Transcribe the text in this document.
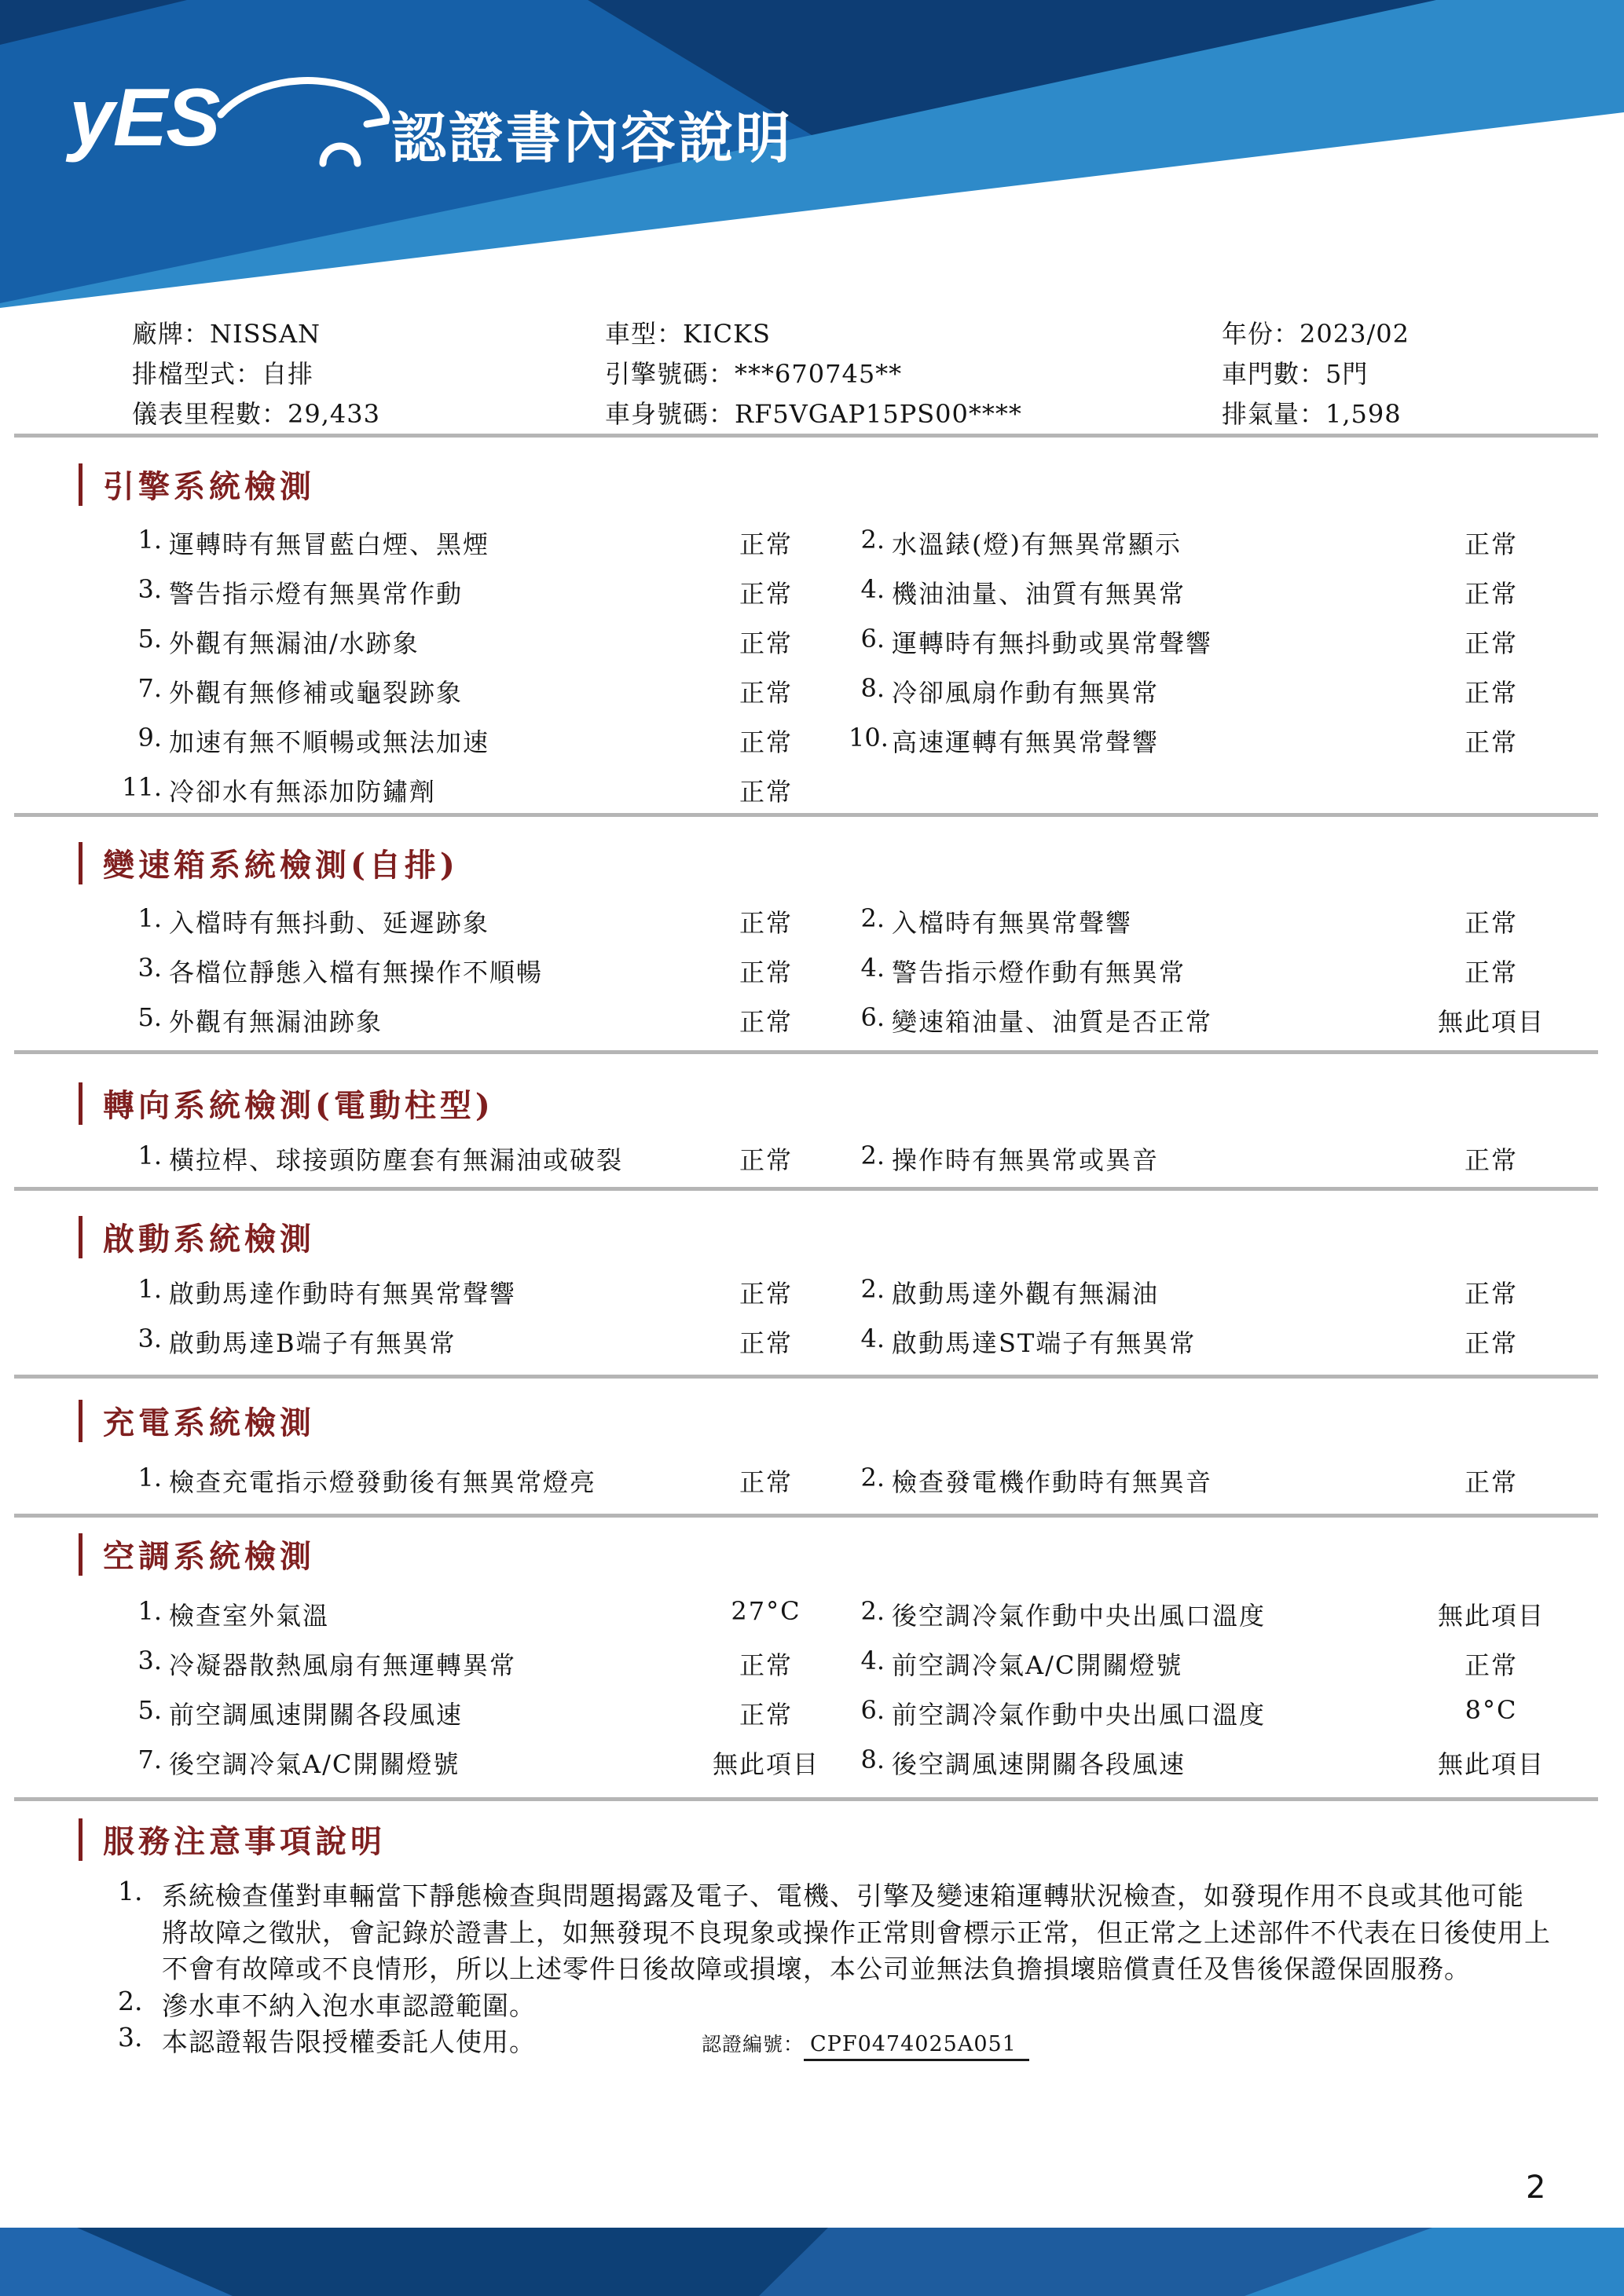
yES	認證書內容說明
廠牌：NISSAN	車型：KICKS	年份：2023/02
排檔型式：自排	引擎號碼：***670745**	車門數：5門
儀表里程數：29,433	車身號碼：RF5VGAP15PS00****	排氣量：1,598
引擎系統檢測
1. 運轉時有無冒藍白煙、黑煙	正常	2. 水溫錶(燈)有無異常顯示	正常
3. 警告指示燈有無異常作動	正常	4. 機油油量、油質有無異常	正常
5. 外觀有無漏油/水跡象	正常	6. 運轉時有無抖動或異常聲響	正常
7. 外觀有無修補或龜裂跡象	正常	8. 冷卻風扇作動有無異常	正常
9. 加速有無不順暢或無法加速	正常	10. 高速運轉有無異常聲響	正常
11. 冷卻水有無添加防鏽劑	正常
變速箱系統檢測(自排)
1. 入檔時有無抖動、延遲跡象	正常	2. 入檔時有無異常聲響	正常
3. 各檔位靜態入檔有無操作不順暢	正常	4. 警告指示燈作動有無異常	正常
5. 外觀有無漏油跡象	正常	6. 變速箱油量、油質是否正常	無此項目
轉向系統檢測(電動柱型)
1. 橫拉桿、球接頭防塵套有無漏油或破裂	正常	2. 操作時有無異常或異音	正常
啟動系統檢測
1. 啟動馬達作動時有無異常聲響	正常	2. 啟動馬達外觀有無漏油	正常
3. 啟動馬達B端子有無異常	正常	4. 啟動馬達ST端子有無異常	正常
充電系統檢測
1. 檢查充電指示燈發動後有無異常燈亮	正常	2. 檢查發電機作動時有無異音	正常
空調系統檢測
1. 檢查室外氣溫	27°C	2. 後空調冷氣作動中央出風口溫度	無此項目
3. 冷凝器散熱風扇有無運轉異常	正常	4. 前空調冷氣A/C開關燈號	正常
5. 前空調風速開關各段風速	正常	6. 前空調冷氣作動中央出風口溫度	8°C
7. 後空調冷氣A/C開關燈號	無此項目	8. 後空調風速開關各段風速	無此項目
服務注意事項說明
1. 系統檢查僅對車輛當下靜態檢查與問題揭露及電子、電機、引擎及變速箱運轉狀況檢查，如發現作用不良或其他可能
將故障之徵狀，會記錄於證書上，如無發現不良現象或操作正常則會標示正常，但正常之上述部件不代表在日後使用上
不會有故障或不良情形，所以上述零件日後故障或損壞，本公司並無法負擔損壞賠償責任及售後保證保固服務。
2. 滲水車不納入泡水車認證範圍。
3. 本認證報告限授權委託人使用。	認證編號： CPF0474025A051
2
